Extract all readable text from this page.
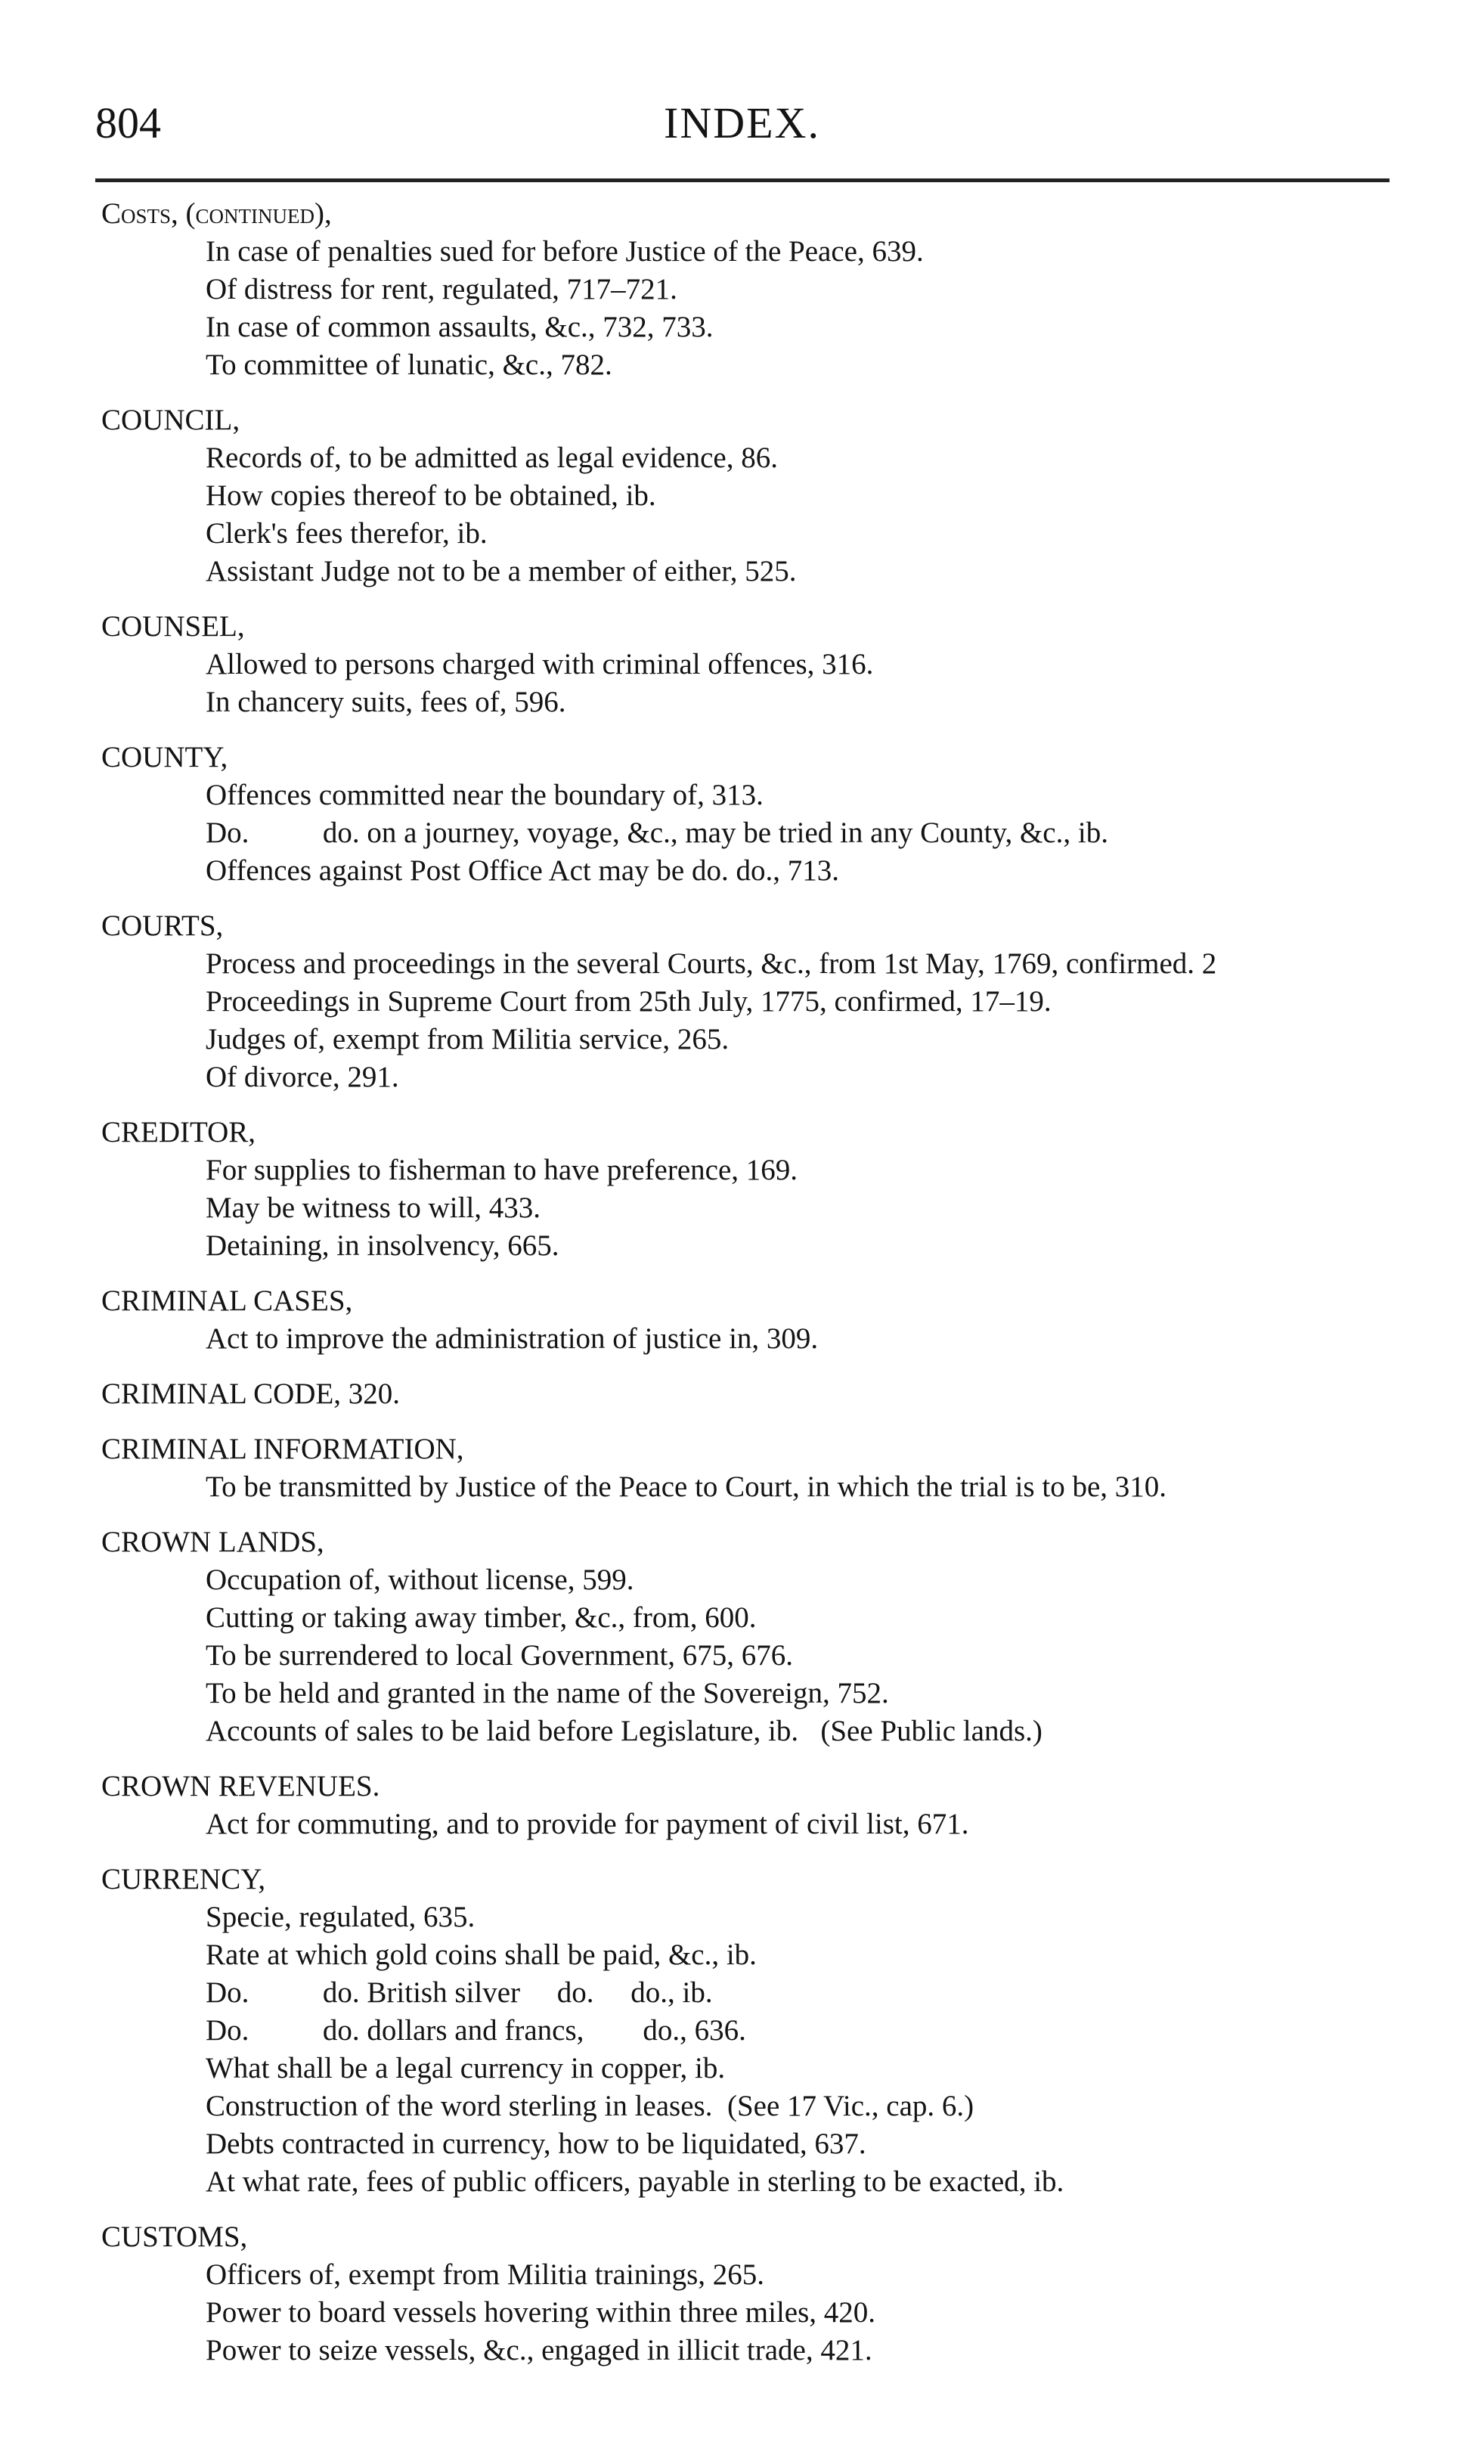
804	INDEX.
Costs, (continued),
In case of penalties sued for before Justice of the Peace, 639.
Of distress for rent, regulated, 717–721.
In case of common assaults, &c., 732, 733.
To committee of lunatic, &c., 782.
COUNCIL,
Records of, to be admitted as legal evidence, 86.
How copies thereof to be obtained, ib.
Clerk's fees therefor, ib.
Assistant Judge not to be a member of either, 525.
COUNSEL,
Allowed to persons charged with criminal offences, 316.
In chancery suits, fees of, 596.
COUNTY,
Offences committed near the boundary of, 313.
Do.          do. on a journey, voyage, &c., may be tried in any County, &c., ib.
Offences against Post Office Act may be do. do., 713.
COURTS,
Process and proceedings in the several Courts, &c., from 1st May, 1769, confirmed. 2
Proceedings in Supreme Court from 25th July, 1775, confirmed, 17–19.
Judges of, exempt from Militia service, 265.
Of divorce, 291.
CREDITOR,
For supplies to fisherman to have preference, 169.
May be witness to will, 433.
Detaining, in insolvency, 665.
CRIMINAL CASES,
Act to improve the administration of justice in, 309.
CRIMINAL CODE, 320.
CRIMINAL INFORMATION,
To be transmitted by Justice of the Peace to Court, in which the trial is to be, 310.
CROWN LANDS,
Occupation of, without license, 599.
Cutting or taking away timber, &c., from, 600.
To be surrendered to local Government, 675, 676.
To be held and granted in the name of the Sovereign, 752.
Accounts of sales to be laid before Legislature, ib.   (See Public lands.)
CROWN REVENUES.
Act for commuting, and to provide for payment of civil list, 671.
CURRENCY,
Specie, regulated, 635.
Rate at which gold coins shall be paid, &c., ib.
Do.          do. British silver     do.     do., ib.
Do.          do. dollars and francs,        do., 636.
What shall be a legal currency in copper, ib.
Construction of the word sterling in leases.  (See 17 Vic., cap. 6.)
Debts contracted in currency, how to be liquidated, 637.
At what rate, fees of public officers, payable in sterling to be exacted, ib.
CUSTOMS,
Officers of, exempt from Militia trainings, 265.
Power to board vessels hovering within three miles, 420.
Power to seize vessels, &c., engaged in illicit trade, 421.
